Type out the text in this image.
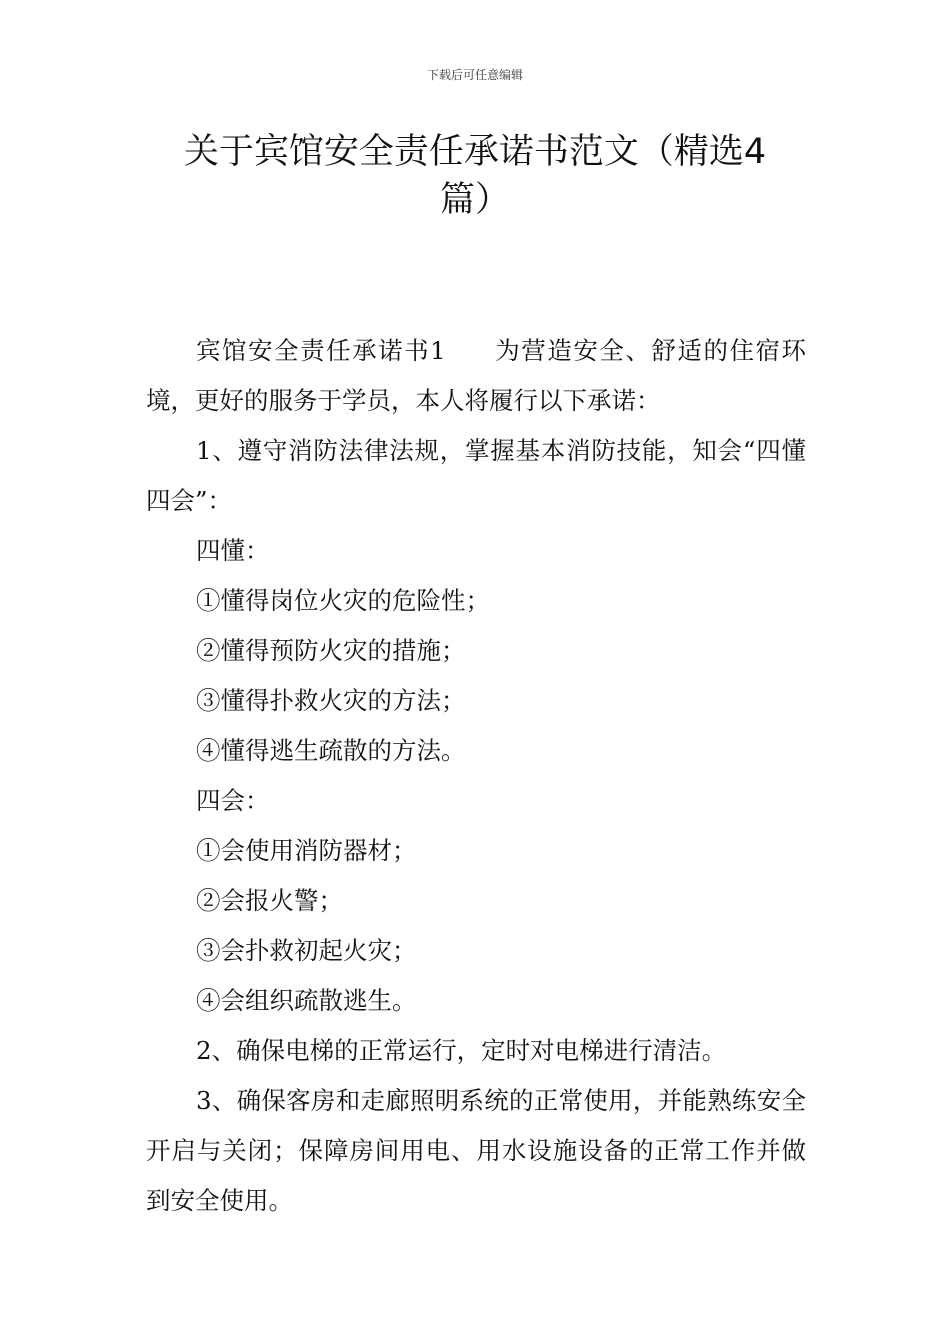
下载后可任意编辑
关于宾馆安全责任承诺书范文（精选4
篇）

宾馆安全责任承诺书1 为营造安全、舒适的住宿环境，更好的服务于学员，本人将履行以下承诺：

1、遵守消防法律法规，掌握基本消防技能，知会“四懂四会”：

四懂：

①懂得岗位火灾的危险性；

②懂得预防火灾的措施；

③懂得扑救火灾的方法；

④懂得逃生疏散的方法。

四会：

①会使用消防器材；

②会报火警；

③会扑救初起火灾；

④会组织疏散逃生。

2、确保电梯的正常运行，定时对电梯进行清洁。

3、确保客房和走廊照明系统的正常使用，并能熟练安全开启与关闭；保障房间用电、用水设施设备的正常工作并做到安全使用。
